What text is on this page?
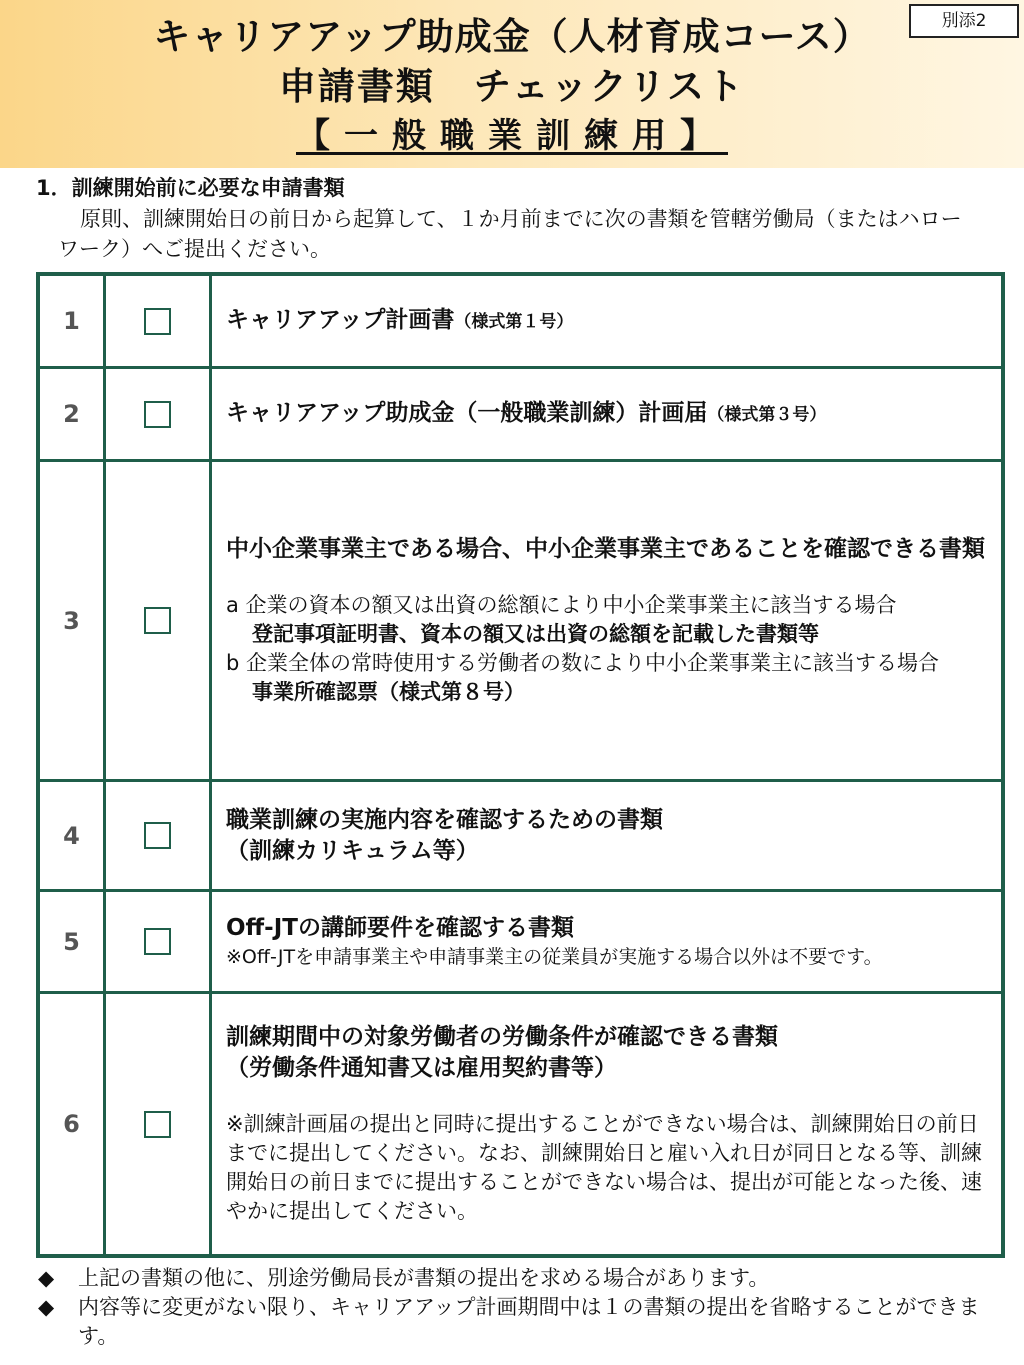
キャリアアップ助成金（人材育成コース）
申請書類　チェックリスト
【一般職業訓練用】
別添2
1．訓練開始前に必要な申請書類
原則、訓練開始日の前日から起算して、１か月前までに次の書類を管轄労働局（またはハローワーク）へご提出ください。
1	キャリアアップ計画書（様式第１号）
2	キャリアアップ助成金（一般職業訓練）計画届（様式第３号）
3
中小企業事業主である場合、中小企業事業主であることを確認できる書類
a 企業の資本の額又は出資の総額により中小企業事業主に該当する場合
登記事項証明書、資本の額又は出資の総額を記載した書類等
b 企業全体の常時使用する労働者の数により中小企業事業主に該当する場合
事業所確認票（様式第８号）
4
職業訓練の実施内容を確認するための書類
（訓練カリキュラム等）
5	Off-JTの講師要件を確認する書類
※Off-JTを申請事業主や申請事業主の従業員が実施する場合以外は不要です。
6
訓練期間中の対象労働者の労働条件が確認できる書類
（労働条件通知書又は雇用契約書等）
※訓練計画届の提出と同時に提出することができない場合は、訓練開始日の前日までに提出してください。なお、訓練開始日と雇い入れ日が同日となる等、訓練開始日の前日までに提出することができない場合は、提出が可能となった後、速やかに提出してください。
◆	上記の書類の他に、別途労働局長が書類の提出を求める場合があります。
◆	内容等に変更がない限り、キャリアアップ計画期間中は１の書類の提出を省略することができます。
